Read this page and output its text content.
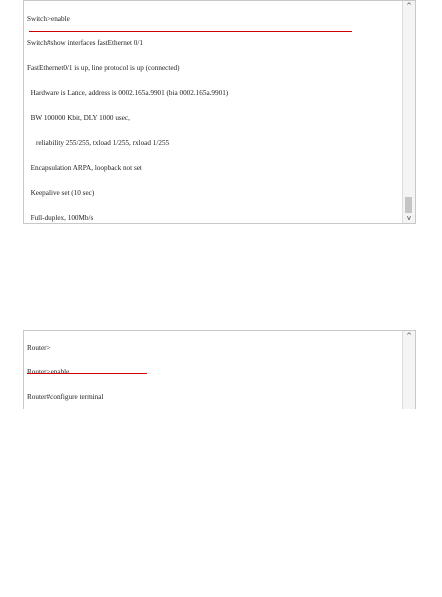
Switch>enable

Switch#show interfaces fastEthernet 0/1

FastEthernet0/1 is up, line protocol is up (connected)

Hardware is Lance, address is 0002.165a.9901 (bia 0002.165a.9901)

BW 100000 Kbit, DLY 1000 usec,

reliability 255/255, txload 1/255, rxload 1/255

Encapsulation ARPA, loopback not set

Keepalive set (10 sec)

Full-duplex, 100Mb/s

^
v

Router>

Router#configure terminal

^
